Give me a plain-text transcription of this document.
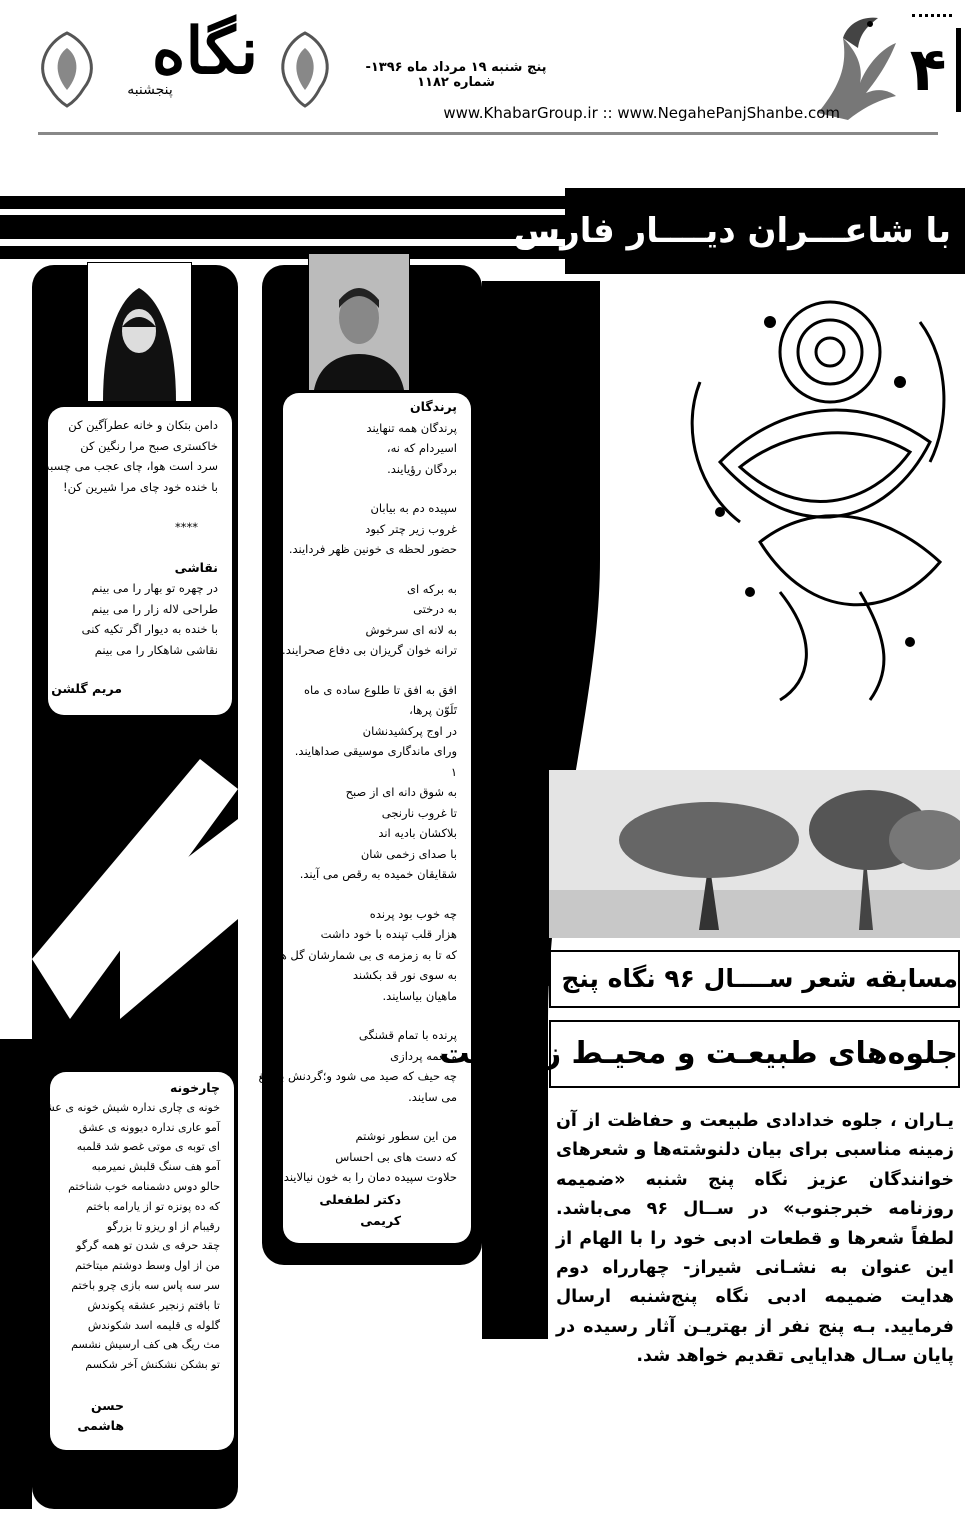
۴
پنج شنبه ۱۹ مرداد ماه ۱۳۹۶- شماره ۱۱۸۲
www.KhabarGroup.ir :: www.NegahePanjShanbe.com
نگاه
پنجشنبه
با شاعـــران دیــــار فارس
پرندگان
پرندگان همه تنهایند
اسیردام که نه،
بردگان رؤیایند.
سپیده دم به بیابان
غروب زیر چتر کبود
حضور لحظه ی خونین ظهر فردایند.
به برکه ای
به درختی
به لانه ای سرخوش
ترانه خوان گریزان بی دفاع صحرایند.
افق به افق تا طلوع ساده ی ماه
تَلَوّن پرها،
در اوج پرکشیدنشان
ورای ماندگاری موسیقی صداهایند.
۱
به شوق دانه ای از صبح
تا غروب نارنجی
بلاکشان بادیه اند
با صدای زخمی شان
شقایقان خمیده به رقص می آیند.
چه خوب بود پرنده
هزار قلب تپنده با خود داشت
که تا به زمزمه ی بی شمارشان گل ها
به سوی نور قد بکشند
ماهیان بیاسایند.
پرنده با تمام قشنگی
و نغمه پردازی
چه حیف که صید می شود و؛گردنش به تیغ
می سایند.
من این سطور نوشتم
که دست های بی احساس
حلاوت سپیده دمان را به خون نیالایند.
دکتر لطفعلی کریمی
دامن بتکان و خانه عطرآگین کن
خاکستری صبح مرا رنگین کن
سرد است هوا، چای عجب می چسبد..
با خنده خود چای مرا شیرین کن!
****
نقاشی
در چهره تو بهار را می بینم
طراحی لاله زار را می بینم
با خنده به دیوار اگر تکیه کنی
نقاشی شاهکار را می بینم
مریم گلشن
چارخونه
خونه ی چاری نداره شیش خونه ی عشق
آمو عاری نداره دیوونه ی عشق
ای توبه ی موتی غصو شد قلمبه
آمو هف سنگ قلبش نمیرمبه
حالو دوس دشمنامه خوب شناختم
که ده پونزه تو از یارامه باختم
رقیبام از او ریزو تا بزرگو
چقد حرفه ی شدن تو همه گرگو
من از اول وسط دوشتم میتاختم
سر سه پاس سه بازی چرو باختم
تا بافتم زنجیر عشقه پکوندش
گلوله ی قلیمه اسد شکوندش
مث ریگ هی کف ارسیش نشسم
تو بشکن نشکنش آخر شکسم
حسن هاشمی
مسابقه شعر ســــال ۹۶ نگاه پنج شنبه
جلوه‌های طبیعـت و محیـط زیـــست
یـاران ، جلوه خدادادی طبیعت و حفاظت از آن زمینه مناسبی برای بیان دلنوشته‌ها و شعرهای خوانندگان عزیز نگاه پنج شنبه «ضمیمه روزنامه خبرجنوب» در ســال ۹۶ می‌باشد. لطفاً شعرها و قطعات ادبی خود را با الهام از این عنوان به نشـانی شیراز- چهارراه دوم هدایت ضمیمه ادبی نگاه پنج‌شنبه ارسال فرمایید. بـه پنج نفر از بهتریـن آثار رسیده در پایان سـال هدایایی تقدیم خواهد شد.
